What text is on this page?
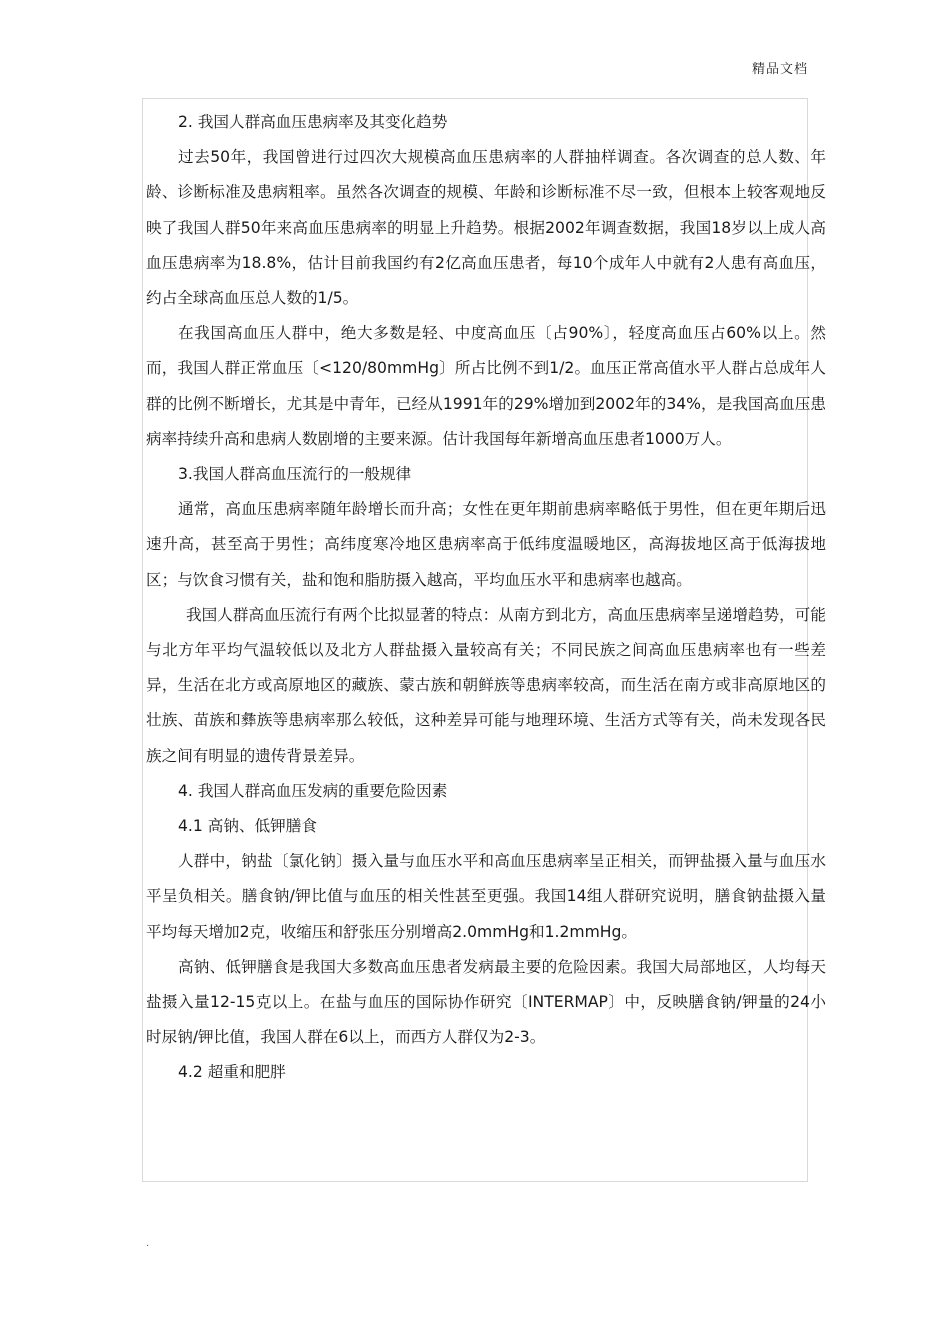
精品文档

2. 我国人群高血压患病率及其变化趋势

过去50年，我国曾进行过四次大规模高血压患病率的人群抽样调查。各次调查的总人数、年龄、诊断标准及患病粗率。虽然各次调查的规模、年龄和诊断标准不尽一致，但根本上较客观地反映了我国人群50年来高血压患病率的明显上升趋势。根据2002年调查数据，我国18岁以上成人高血压患病率为18.8%，估计目前我国约有2亿高血压患者，每10个成年人中就有2人患有高血压，约占全球高血压总人数的1/5。

在我国高血压人群中，绝大多数是轻、中度高血压〔占90%〕，轻度高血压占60%以上。然而，我国人群正常血压〔<120/80mmHg〕所占比例不到1/2。血压正常高值水平人群占总成年人群的比例不断增长，尤其是中青年，已经从1991年的29%增加到2002年的34%，是我国高血压患病率持续升高和患病人数剧增的主要来源。估计我国每年新增高血压患者1000万人。

3.我国人群高血压流行的一般规律

通常，高血压患病率随年龄增长而升高；女性在更年期前患病率略低于男性，但在更年期后迅速升高，甚至高于男性；高纬度寒冷地区患病率高于低纬度温暖地区，高海拔地区高于低海拔地区；与饮食习惯有关，盐和饱和脂肪摄入越高，平均血压水平和患病率也越高。

我国人群高血压流行有两个比拟显著的特点：从南方到北方，高血压患病率呈递增趋势，可能与北方年平均气温较低以及北方人群盐摄入量较高有关；不同民族之间高血压患病率也有一些差异，生活在北方或高原地区的藏族、蒙古族和朝鲜族等患病率较高，而生活在南方或非高原地区的壮族、苗族和彝族等患病率那么较低，这种差异可能与地理环境、生活方式等有关，尚未发现各民族之间有明显的遗传背景差异。

4. 我国人群高血压发病的重要危险因素

4.1 高钠、低钾膳食

人群中，钠盐〔氯化钠〕摄入量与血压水平和高血压患病率呈正相关，而钾盐摄入量与血压水平呈负相关。膳食钠/钾比值与血压的相关性甚至更强。我国14组人群研究说明，膳食钠盐摄入量平均每天增加2克，收缩压和舒张压分别增高2.0mmHg和1.2mmHg。

高钠、低钾膳食是我国大多数高血压患者发病最主要的危险因素。我国大局部地区，人均每天盐摄入量12-15克以上。在盐与血压的国际协作研究〔INTERMAP〕中，反映膳食钠/钾量的24小时尿钠/钾比值，我国人群在6以上，而西方人群仅为2-3。

4.2 超重和肥胖

.
